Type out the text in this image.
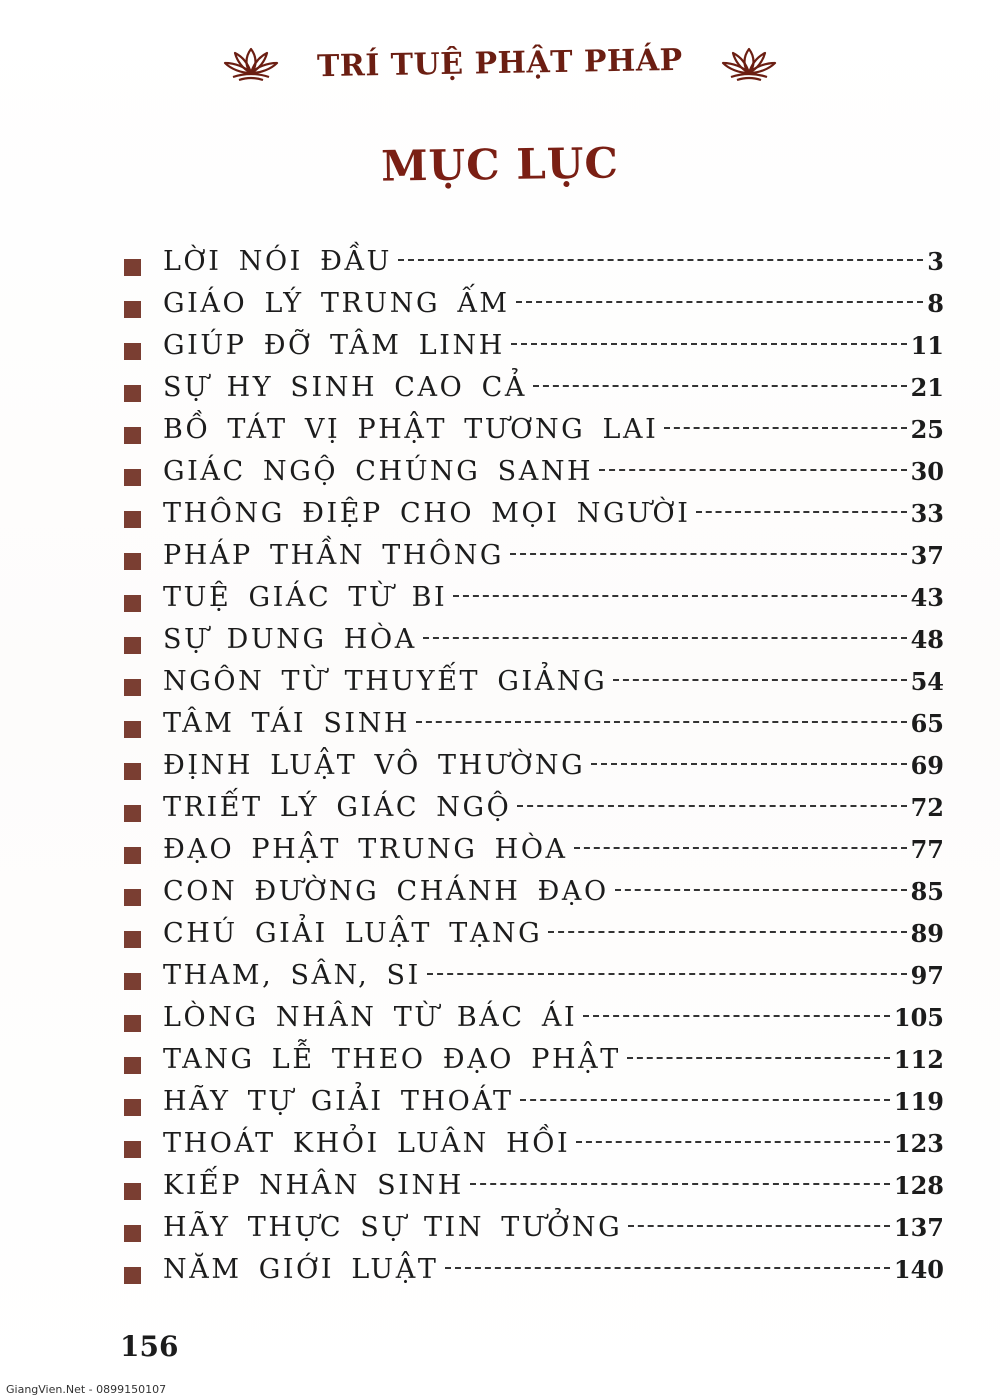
TRÍ TUỆ PHẬT PHÁP
MỤC LỤC
LỜI NÓI ĐẦU	3
GIÁO LÝ TRUNG ẤM	8
GIÚP ĐỠ TÂM LINH	11
SỰ HY SINH CAO CẢ	21
BỒ TÁT VỊ PHẬT TƯƠNG LAI	25
GIÁC NGỘ CHÚNG SANH	30
THÔNG ĐIỆP CHO MỌI NGƯỜI	33
PHÁP THẦN THÔNG	37
TUỆ GIÁC TỪ BI	43
SỰ DUNG HÒA	48
NGÔN TỪ THUYẾT GIẢNG	54
TÂM TÁI SINH	65
ĐỊNH LUẬT VÔ THƯỜNG	69
TRIẾT LÝ GIÁC NGỘ	72
ĐẠO PHẬT TRUNG HÒA	77
CON ĐƯỜNG CHÁNH ĐẠO	85
CHÚ GIẢI LUẬT TẠNG	89
THAM, SÂN, SI	97
LÒNG NHÂN TỪ BÁC ÁI	105
TANG LỄ THEO ĐẠO PHẬT	112
HÃY TỰ GIẢI THOÁT	119
THOÁT KHỎI LUÂN HỒI	123
KIẾP NHÂN SINH	128
HÃY THỰC SỰ TIN TƯỞNG	137
NĂM GIỚI LUẬT	140
156
GiangVien.Net - 0899150107
